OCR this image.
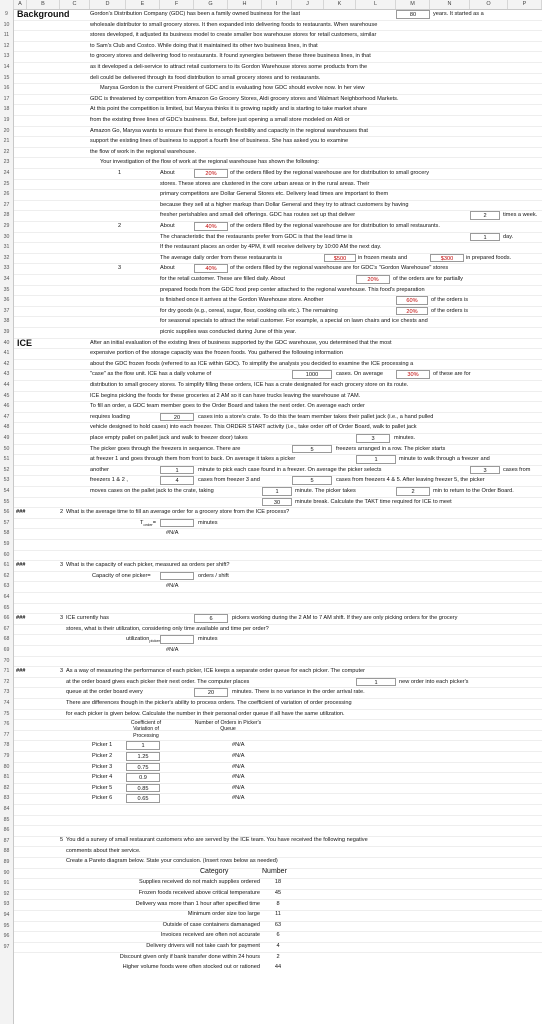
A	B	C	D	E	F	G	H	I	J	K	L	M	N	O	P
9
10
11
12
13
14
15
16
17
18
19
20
21
22
23
24
25
26
27
28
29
30
31
32
33
34
35
36
37
38
39
40
41
42
43
44
45
46
47
48
49
50
51
52
53
54
55
56
57
58
59
60
61
62
63
64
65
66
67
68
69
70
71
72
73
74
75
76
77
78
79
80
81
82
83
84
85
86
87
88
89
90
91
92
93
94
95
96
97
Background	Gordon's Distribution Company (GDC) has been a family owned business for the last	80	years. It started as a
wholesale distributor to small grocery stores. It then expanded into delivering foods to restaurants. When warehouse
stores developed, it adjusted its business model to create smaller box warehouse stores for retail customers, similar
to Sam's Club and Costco. While doing that it maintained its other two business lines, in that
to grocery stores and delivering food to restaurants. It found synergies between these three business lines, in that
as it developed a deli-service to attract retail customers to its Gordon Warehouse stores some products from the
deli could be delivered through its food distribution to small grocery stores and to restaurants.
Marysa Gordon is the current President of GDC and is evaluating how GDC should evolve now. In her view
GDC is threatened by competition from Amazon Go Grocery Stores, Aldi grocery stores and Walmart Neighborhood Markets.
At this point the competition is limited, but Marysa thinks it is growing rapidly and is starting to take market share
from the existing three lines of GDC's business. But, before just opening a small store modeled on Aldi or
Amazon Go, Marysa wants to ensure that there is enough flexibility and capacity in the regional warehouses that
support the existing lines of business to support a fourth line of business. She has asked you to examine
the flow of work in the regional warehouse.
Your investigation of the flow of work at the regional warehouse has shown the following:
1	About	20%	of the orders filled by the regional warehouse are for distribution to small grocery
stores. These stores are clustered in the core urban areas or in the rural areas. Their
primary competitors are Dollar General Stores etc. Delivery lead times are important to them
because they sell at a higher markup than Dollar General and they try to attract customers by having
fresher perishables and small deli offerings. GDC has routes set up that deliver	2	times a week.
2	About	40%	of the orders filled by the regional warehouse are for distribution to small restaurants.
The characteristic that the restaurants prefer from GDC is that the lead time is	1	day.
If the restaurant places an order by 4PM, it will receive delivery by 10:00 AM the next day.
The average daily order from these restaurants is	$500	in frozen meats and	$300	in prepared foods.
3	About	40%	of the orders filled by the regional warehouse are for GDC's "Gordon Warehouse" stores
for the retail customer. These are filled daily. About	20%	of the orders are for partially
prepared foods from the GDC food prep center attached to the regional warehouse. This food's preparation
is finished once it arrives at the Gordon Warehouse store. Another	60%	of the orders is
for dry goods (e.g., cereal, sugar, flour, cooking oils etc.). The remaining	20%	of the orders is
for seasonal specials to attract the retail customer. For example, a special on lawn chairs and ice chests and
picnic supplies was conducted during June of this year.
ICE	After an initial evaluation of the existing lines of business supported by the GDC warehouse, you determined that the most
expensive portion of the storage capacity was the frozen foods. You gathered the following information
about the GDC frozen foods (referred to as ICE within GDC). To simplify the analysis you decided to examine the ICE processing a
"case" as the flow unit. ICE has a daily volume of	1000	cases. On average	30%	of these are for
distribution to small grocery stores. To simplify filling these orders, ICE has a crate designated for each grocery store on its route.
ICE begins picking the foods for these groceries at 2 AM so it can have trucks leaving the warehouse at 7AM.
To fill an order, a GDC team member goes to the Order Board and takes the next order. On average each order
requires loading	20	cases into a store's crate. To do this the team member takes their pallet jack (i.e., a hand pulled
vehicle designed to hold cases) into each freezer. This ORDER START activity (i.e., take order off of Order Board, walk to pallet jack
place empty pallet on pallet jack and walk to freezer door) takes	3	minutes.
The picker goes through the freezers in sequence. There are	5	freezers arranged in a row. The picker starts
at freezer 1 and goes through them from front to back. On average it takes a picker	1	minute to walk through a freezer and
another	1	minute to pick each case found in a freezer. On average the picker selects	3	cases from
freezers 1 & 2 ,	4	cases from freezer 3 and	5	cases from freezers 4 & 5. After leaving freezer 5, the picker
moves cases on the pallet jack to the crate, taking	1	minute. The picker takes	2	min to return to the Order Board.
30	minute break. Calculate the TAKT time required for ICE to meet
###	2 What is the average time to fill an average order for a grocery store from the ICE process?
$T_{order}=$	minutes
#N/A
###	3 What is the capacity of each picker, measured as orders per shift?
Capacity of one picker=	orders / shift
#N/A
###	3 ICE currently has	6	pickers working during the 2 AM to 7 AM shift. If they are only picking orders for the grocery
stores, what is their utilization, considering only time available and time per order?
utilization$_{picker}$	minutes
#N/A
###	3 As a way of measuring the performance of each picker, ICE keeps a separate order queue for each picker. The computer
at the order board gives each picker their next order. The computer places	1	new order into each picker's
queue at the order board every	20	minutes. There is no variance in the order arrival rate.
There are differences though in the picker's ability to process orders. The coefficient of variation of order processing
for each picker is given below. Calculate the number in their personal order queue if all have the same utilization.
Coefficient of Variation of Processing
Number of Orders in Picker's Queue
Picker 1	1	#N/A
Picker 2	1.25	#N/A
Picker 3	0.75	#N/A
Picker 4	0.9	#N/A
Picker 5	0.85	#N/A
Picker 6	0.65	#N/A
5 You did a survey of small restaurant customers who are served by the ICE team. You have received the following negative
comments about their service.
Create a Pareto diagram below. State your conclusion. (Insert rows below as needed)
Category	Number
Supplies received do not match supplies ordered	18
Frozen foods received above critical temperature	45
Delivery was more than 1 hour after specified time	8
Minimum order size too large	11
Outside of case containers damanaged	63
Invoices received are often not accurate	6
Delivery drivers will not take cash for payment	4
Discount given only if bank transfer done within 24 hours	2
Higher volume foods were often stocked out or rationed	44
